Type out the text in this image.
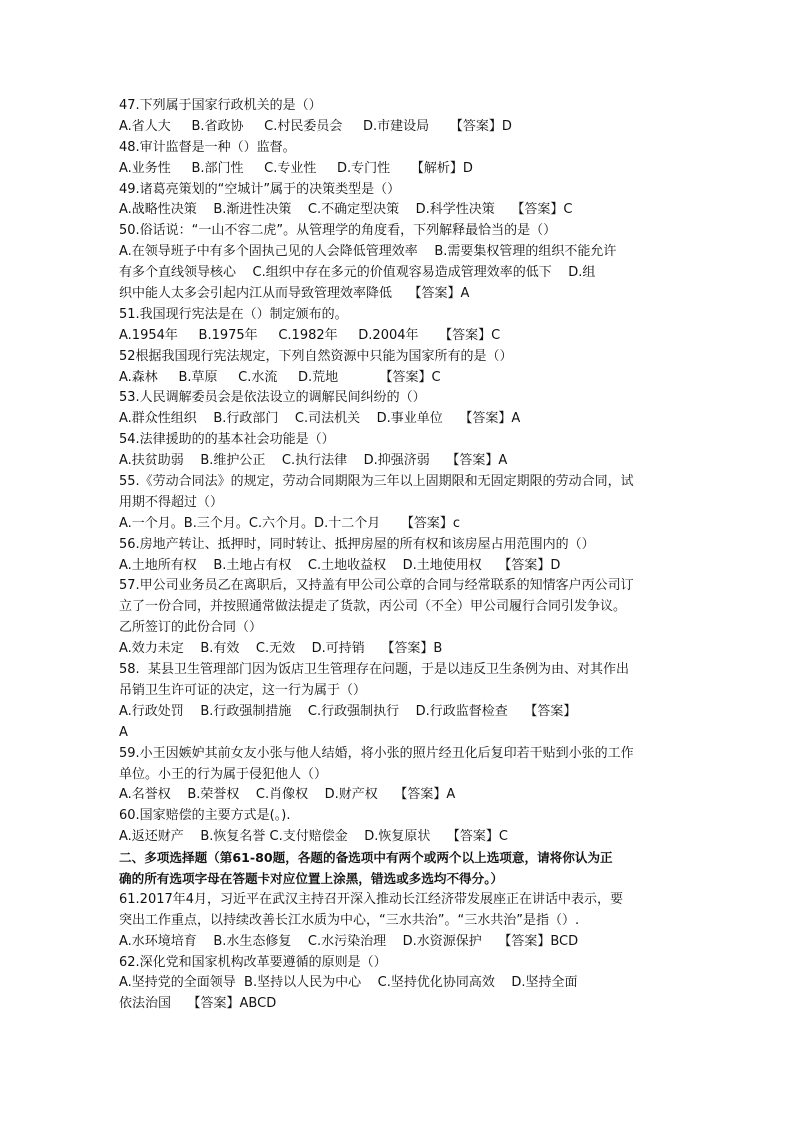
47.下列属于国家行政机关的是（）
A.省人大     B.省政协     C.村民委员会     D.市建设局     【答案】D
48.审计监督是一种（）监督。
A.业务性     B.部门性     C.专业性     D.专门性     【解析】D
49.诸葛亮策划的“空城计”属于的决策类型是（）
A.战略性决策    B.渐进性决策    C.不确定型决策    D.科学性决策    【答案】C
50.俗话说：“一山不容二虎”。从管理学的角度看，下列解释最恰当的是（）
A.在领导班子中有多个固执己见的人会降低管理效率    B.需要集权管理的组织不能允许
有多个直线领导核心    C.组织中存在多元的价值观容易造成管理效率的低下    D.组
织中能人太多会引起内江从而导致管理效率降低    【答案】A
51.我国现行宪法是在（）制定颁布的。
A.1954年     B.1975年     C.1982年     D.2004年     【答案】C
52根据我国现行宪法规定，下列自然资源中只能为国家所有的是（）
A.森林     B.草原     C.水流     D.荒地          【答案】C
53.人民调解委员会是依法设立的调解民间纠纷的（）
A.群众性组织    B.行政部门    C.司法机关    D.事业单位    【答案】A
54.法律援助的的基本社会功能是（）
A.扶贫助弱    B.维护公正    C.执行法律    D.抑强济弱    【答案】A
55.《劳动合同法》的规定，劳动合同期限为三年以上固期限和无固定期限的劳动合同，试
用期不得超过（）
A.一个月。B.三个月。C.六个月。D.十二个月     【答案】c
56.房地产转让、抵押时，同时转让、抵押房屋的所有权和该房屋占用范围内的（）
A.土地所有权    B.土地占有权    C.土地收益权    D.土地使用权    【答案】D
57.甲公司业务员乙在离职后，又持盖有甲公司公章的合同与经常联系的知情客户丙公司订
立了一份合同，并按照通常做法提走了货款，丙公司（不全）甲公司履行合同引发争议。
乙所签订的此份合同（）
A.效力未定    B.有效    C.无效    D.可持销    【答案】B
58.  某县卫生管理部门因为饭店卫生管理存在问题，于是以违反卫生条例为由、对其作出
吊销卫生许可证的决定，这一行为属于（）
A.行政处罚    B.行政强制措施    C.行政强制执行    D.行政监督检查    【答案】
A
59.小王因嫉妒其前女友小张与他人结婚，将小张的照片经丑化后复印若干贴到小张的工作
单位。小王的行为属于侵犯他人（）
A.名誉权    B.荣誉权    C.肖像权    D.财产权    【答案】A
60.国家赔偿的主要方式是(。).
A.返还财产    B.恢复名誉 C.支付赔偿金    D.恢复原状    【答案】C
二、多项选择题（第61-80题，各题的备选项中有两个或两个以上选项意，请将你认为正
确的所有选项字母在答题卡对应位置上涂黑，错选或多选均不得分。）
61.2017年4月，习近平在武汉主持召开深入推动长江经济带发展座正在讲话中表示，要
突出工作重点，以持续改善长江水质为中心，“三水共治”。“三水共治”是指（）.
A.水环境培育    B.水生态修复    C.水污染治理    D.水资源保护    【答案】BCD
62.深化党和国家机构改革要遵循的原则是（）
A.坚持党的全面领导  B.坚持以人民为中心    C.坚持优化协同高效    D.坚持全面
依法治国    【答案】ABCD
